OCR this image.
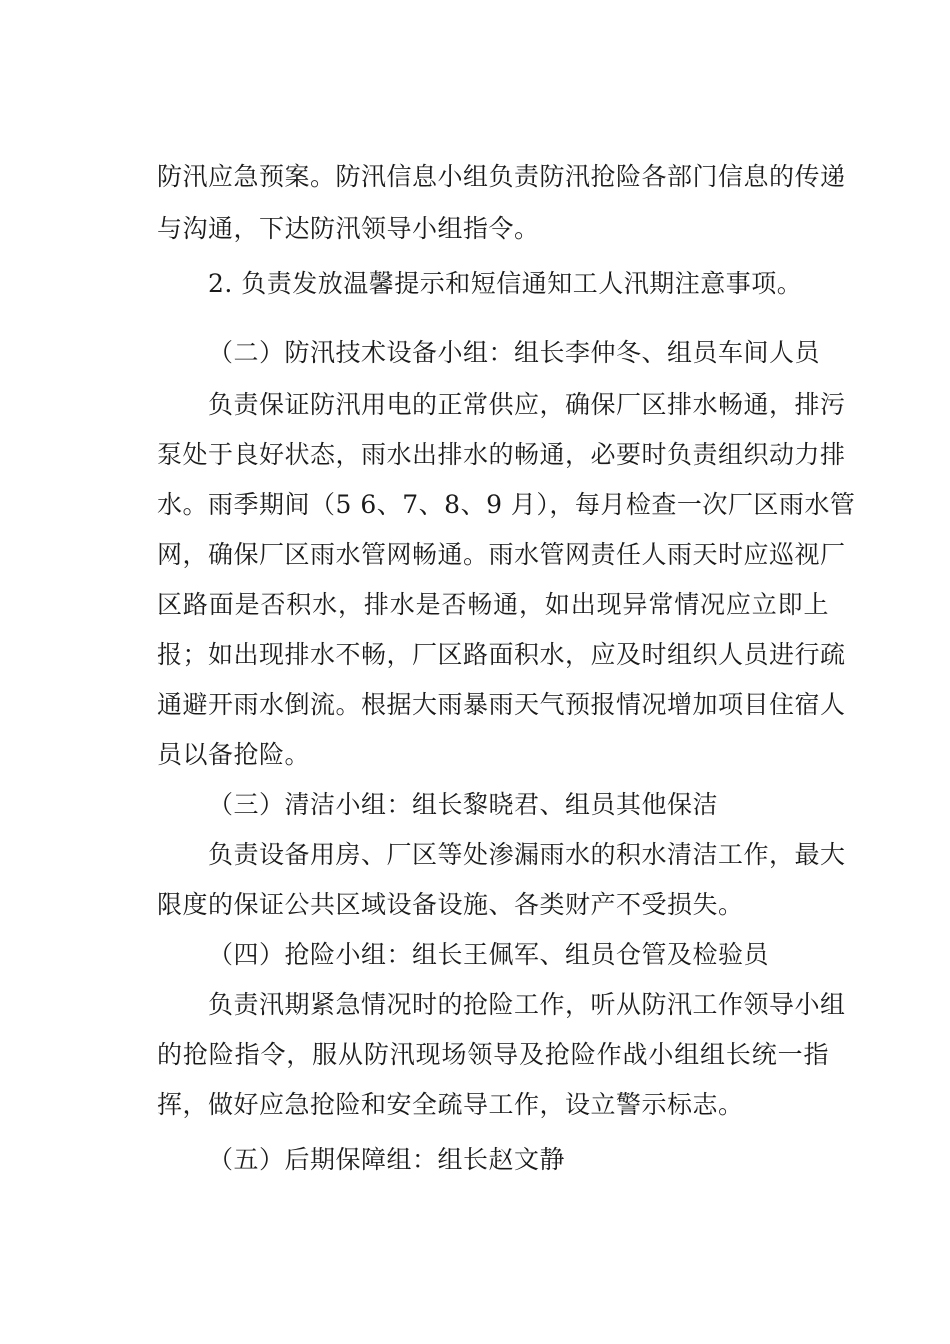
防汛应急预案。防汛信息小组负责防汛抢险各部门信息的传递
与沟通，下达防汛领导小组指令。
2. 负责发放温馨提示和短信通知工人汛期注意事项。
（二）防汛技术设备小组：组长李仲冬、组员车间人员
负责保证防汛用电的正常供应，确保厂区排水畅通，排污
泵处于良好状态，雨水出排水的畅通，必要时负责组织动力排
水。雨季期间（5 6、7、8、9 月），每月检查一次厂区雨水管
网，确保厂区雨水管网畅通。雨水管网责任人雨天时应巡视厂
区路面是否积水，排水是否畅通，如出现异常情况应立即上
报；如出现排水不畅，厂区路面积水，应及时组织人员进行疏
通避开雨水倒流。根据大雨暴雨天气预报情况增加项目住宿人
员以备抢险。
（三）清洁小组：组长黎晓君、组员其他保洁
负责设备用房、厂区等处渗漏雨水的积水清洁工作，最大
限度的保证公共区域设备设施、各类财产不受损失。
（四）抢险小组：组长王佩军、组员仓管及检验员
负责汛期紧急情况时的抢险工作，听从防汛工作领导小组
的抢险指令，服从防汛现场领导及抢险作战小组组长统一指
挥，做好应急抢险和安全疏导工作，设立警示标志。
（五）后期保障组：组长赵文静
